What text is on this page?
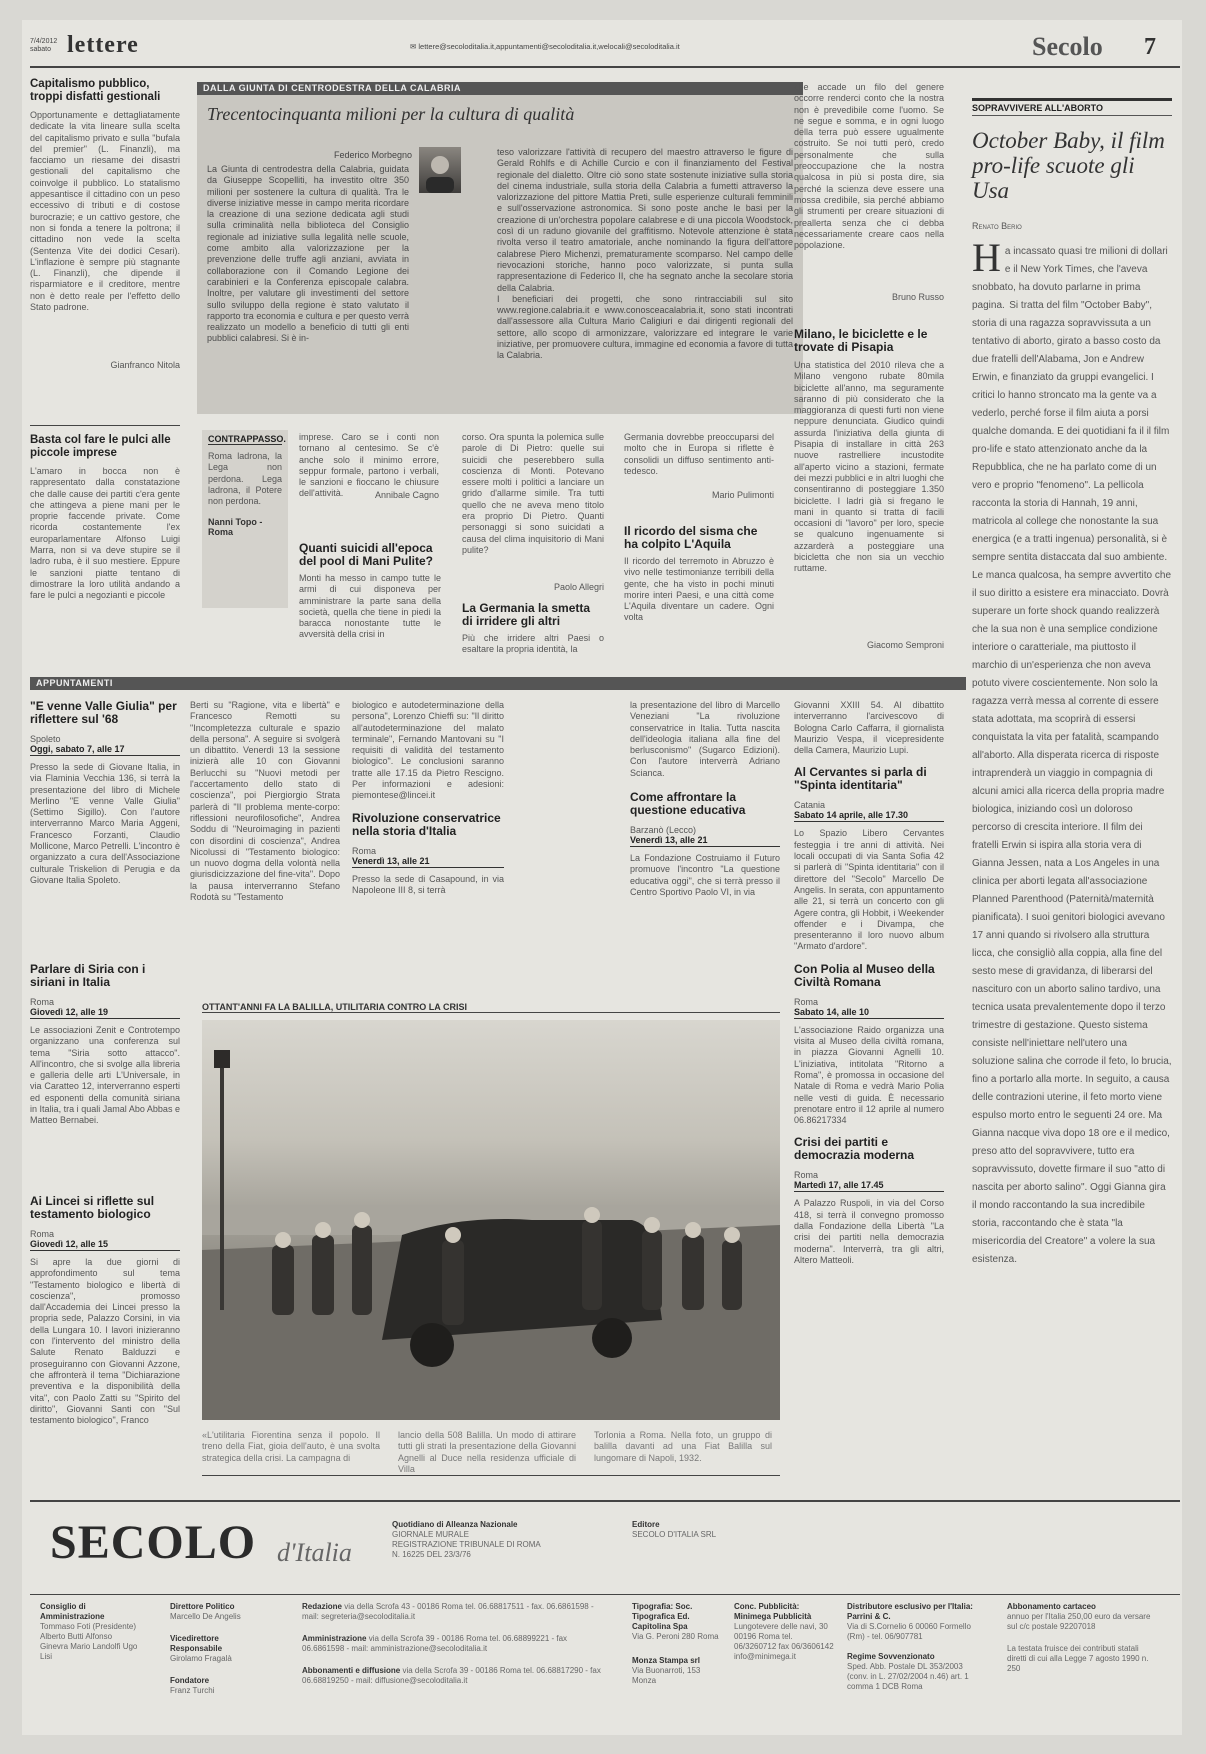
7/4/2012
sabato lettere	✉ lettere@secoloditalia.it,appuntamenti@secoloditalia.it,welocali@secoloditalia.it	Secolo 7
Capitalismo pubblico, troppi disfatti gestionali
Opportunamente e dettagliatamente dedicate la vita lineare sulla scelta del capitalismo privato e sulla "bufala del premier" (L. Finanzli), ma facciamo un riesame dei disastri gestionali del capitalismo che coinvolge il pubblico. Lo statalismo appesantisce il cittadino con un peso eccessivo di tributi e di costose burocrazie; e un cattivo gestore, che non si fonda a tenere la poltrona; il cittadino non vede la scelta (Sentenza Vite dei dodici Cesari). L'inflazione è sempre più stagnante (L. Finanzli), che dipende il risparmiatore e il creditore, mentre non è detto reale per l'effetto dello Stato padrone.
Gianfranco Nitola
Basta col fare le pulci alle piccole imprese
L'amaro in bocca non è rappresentato dalla constatazione che dalle cause dei partiti c'era gente che attingeva a piene mani per le proprie faccende private. Come ricorda costantemente l'ex europarlamentare Alfonso Luigi Marra, non si va deve stupire se il ladro ruba, è il suo mestiere. Eppure le sanzioni piatte tentano di dimostrare la loro utilità andando a fare le pulci a negozianti e piccole
DALLA GIUNTA DI CENTRODESTRA DELLA CALABRIA
Trecentocinquanta milioni per la cultura di qualità
Federico Morbegno
La Giunta di centrodestra della Calabria, guidata da Giuseppe Scopelliti, ha investito oltre 350 milioni per sostenere la cultura di qualità. Tra le diverse iniziative messe in campo merita ricordare la creazione di una sezione dedicata agli studi sulla criminalità nella biblioteca del Consiglio regionale ad iniziative sulla legalità nelle scuole, come ambito alla valorizzazione per la prevenzione delle truffe agli anziani, avviata in collaborazione con il Comando Legione dei carabinieri e la Conferenza episcopale calabra. Inoltre, per valutare gli investimenti del settore sullo sviluppo della regione è stato valutato il rapporto tra economia e cultura e per questo verrà realizzato un modello a beneficio di tutti gli enti pubblici calabresi. Si è in-
teso valorizzare l'attività di recupero del maestro attraverso le figure di Gerald Rohlfs e di Achille Curcio e con il finanziamento del Festival regionale del dialetto. Oltre ciò sono state sostenute iniziative sulla storia del cinema industriale, sulla storia della Calabria a fumetti attraverso la valorizzazione del pittore Mattia Preti, sulle esperienze culturali femminili e sull'osservazione astronomica. Si sono poste anche le basi per la creazione di un'orchestra popolare calabrese e di una piccola Woodstock, così di un raduno giovanile del graffitismo. Notevole attenzione è stata rivolta verso il teatro amatoriale, anche nominando la figura dell'attore calabrese Piero Michenzi, prematuramente scomparso. Nel campo delle rievocazioni storiche, hanno poco valorizzate, si punta sulla rappresentazione di Federico II, che ha segnato anche la secolare storia della Calabria.
I beneficiari dei progetti, che sono rintracciabili sul sito www.regione.calabria.it e www.conosceacalabria.it, sono stati incontrati dall'assessore alla Cultura Mario Caligiuri e dai dirigenti regionali del settore, allo scopo di armonizzare, valorizzare ed integrare le varie iniziative, per promuovere cultura, immagine ed economia a favore di tutta la Calabria.
CONTRAPPASSO.
Roma ladrona, la Lega non perdona. Lega ladrona, il Potere non perdona.
Nanni Topo - Roma
imprese. Caro se i conti non tornano al centesimo. Se c'è anche solo il minimo errore, seppur formale, partono i verbali, le sanzioni e fioccano le chiusure dell'attività.	Annibale Cagno
Quanti suicidi all'epoca del pool di Mani Pulite?
Monti ha messo in campo tutte le armi di cui disponeva per amministrare la parte sana della società, quella che tiene in piedi la baracca nonostante tutte le avversità della crisi in
corso. Ora spunta la polemica sulle parole di Di Pietro: quelle sui suicidi che peserebbero sulla coscienza di Monti. Potevano essere molti i politici a lanciare un grido d'allarme simile. Tra tutti quello che ne aveva meno titolo era proprio Di Pietro. Quanti personaggi si sono suicidati a causa del clima inquisitorio di Mani pulite?
Paolo Allegri
La Germania la smetta di irridere gli altri
Più che irridere altri Paesi o esaltare la propria identità, la
Germania dovrebbe preoccuparsi del molto che in Europa si riflette è consolidi un diffuso sentimento anti-tedesco.
Mario Pulimonti
Il ricordo del sisma che ha colpito L'Aquila
Il ricordo del terremoto in Abruzzo è vivo nelle testimonianze terribili della gente, che ha visto in pochi minuti morire interi Paesi, e una città come L'Aquila diventare un cadere. Ogni volta
che accade un filo del genere occorre renderci conto che la nostra non è prevedibile come l'uomo. Se ne segue e somma, e in ogni luogo della terra può essere ugualmente costruito. Se noi tutti però, credo personalmente che sulla preoccupazione che la nostra qualcosa in più si posta dire, sia perché la scienza deve essere una mossa credibile, sia perché abbiamo gli strumenti per creare situazioni di preallerta senza che ci debba necessariamente creare caos nella popolazione.
Bruno Russo
Milano, le biciclette e le trovate di Pisapia
Una statistica del 2010 rileva che a Milano vengono rubate 80mila biciclette all'anno, ma seguramente saranno di più considerato che la maggioranza di questi furti non viene neppure denunciata. Giudico quindi assurda l'iniziativa della giunta di Pisapia di installare in città 263 nuove rastrelliere incustodite all'aperto vicino a stazioni, fermate dei mezzi pubblici e in altri luoghi che consentiranno di posteggiare 1.350 biciclette. I ladri già si fregano le mani in quanto si tratta di facili occasioni di "lavoro" per loro, specie se qualcuno ingenuamente si azzarderà a posteggiare una bicicletta che non sia un vecchio ruttame.
Giacomo Semproni
SOPRAVVIVERE ALL'ABORTO
October Baby, il film pro-life scuote gli Usa
Renato Berio
H a incassato quasi tre milioni di dollari e il New York Times, che l'aveva snobbato, ha dovuto parlarne in prima pagina. Si tratta del film "October Baby", storia di una ragazza sopravvissuta a un tentativo di aborto, girato a basso costo da due fratelli dell'Alabama, Jon e Andrew Erwin, e finanziato da gruppi evangelici. I critici lo hanno stroncato ma la gente va a vederlo, perché forse il film aiuta a porsi qualche domanda. E dei quotidiani fa il il film pro-life e stato attenzionato anche da la Repubblica, che ne ha parlato come di un vero e proprio "fenomeno". La pellicola racconta la storia di Hannah, 19 anni, matricola al college che nonostante la sua energica (e a tratti ingenua) personalità, si è sempre sentita distaccata dal suo ambiente. Le manca qualcosa, ha sempre avvertito che il suo diritto a esistere era minacciato. Dovrà superare un forte shock quando realizzerà che la sua non è una semplice condizione interiore o caratteriale, ma piuttosto il marchio di un'esperienza che non aveva potuto vivere coscientemente. Non solo la ragazza verrà messa al corrente di essere stata adottata, ma scoprirà di essersi conquistata la vita per fatalità, scampando all'aborto. Alla disperata ricerca di risposte intraprenderà un viaggio in compagnia di alcuni amici alla ricerca della propria madre biologica, iniziando così un doloroso percorso di crescita interiore. Il film dei fratelli Erwin si ispira alla storia vera di Gianna Jessen, nata a Los Angeles in una clinica per aborti legata all'associazione Planned Parenthood (Paternità/maternità pianificata). I suoi genitori biologici avevano 17 anni quando si rivolsero alla struttura licca, che consigliò alla coppia, alla fine del sesto mese di gravidanza, di liberarsi del nascituro con un aborto salino tardivo, una tecnica usata prevalentemente dopo il terzo trimestre di gestazione. Questo sistema consiste nell'iniettare nell'utero una soluzione salina che corrode il feto, lo brucia, fino a portarlo alla morte. In seguito, a causa delle contrazioni uterine, il feto morto viene espulso morto entro le seguenti 24 ore. Ma Gianna nacque viva dopo 18 ore e il medico, preso atto del sopravvivere, tutto era sopravvissuto, dovette firmare il suo "atto di nascita per aborto salino". Oggi Gianna gira il mondo raccontando la sua incredibile storia, raccontando che è stata "la misericordia del Creatore" a volere la sua esistenza.
APPUNTAMENTI
"E venne Valle Giulia" per riflettere sul '68
Spoleto
Oggi, sabato 7, alle 17
Presso la sede di Giovane Italia, in via Flaminia Vecchia 136, si terrà la presentazione del libro di Michele Merlino "E venne Valle Giulia" (Settimo Sigillo). Con l'autore interverranno Marco Maria Aggeni, Francesco Forzanti, Claudio Mollicone, Marco Petrelli. L'incontro è organizzato a cura dell'Associazione culturale Triskelion di Perugia e da Giovane Italia Spoleto.
Parlare di Siria con i siriani in Italia
Roma
Giovedì 12, alle 19
Le associazioni Zenit e Controtempo organizzano una conferenza sul tema "Siria sotto attacco". All'incontro, che si svolge alla libreria e galleria delle arti L'Universale, in via Caratteo 12, interverranno esperti ed esponenti della comunità siriana in Italia, tra i quali Jamal Abo Abbas e Matteo Bernabei.
Ai Lincei si riflette sul testamento biologico
Roma
Giovedì 12, alle 15
Si apre la due giorni di approfondimento sul tema "Testamento biologico e libertà di coscienza", promosso dall'Accademia dei Lincei presso la propria sede, Palazzo Corsini, in via della Lungara 10. I lavori inizieranno con l'intervento del ministro della Salute Renato Balduzzi e proseguiranno con Giovanni Azzone, che affronterà il tema "Dichiarazione preventiva e la disponibilità della vita", con Paolo Zatti su "Spirito del diritto", Giovanni Santi con "Sul testamento biologico", Franco
Berti su "Ragione, vita e libertà" e Francesco Remotti su "Incompletezza culturale e spazio della persona". A seguire si svolgerà un dibattito. Venerdì 13 la sessione inizierà alle 10 con Giovanni Berlucchi su "Nuovi metodi per l'accertamento dello stato di coscienza", poi Piergiorgio Strata parlerà di "Il problema mente-corpo: riflessioni neurofilosofiche", Andrea Soddu di "Neuroimaging in pazienti con disordini di coscienza", Andrea Nicolussi di "Testamento biologico: un nuovo dogma della volontà nella giurisdicizzazione del fine-vita". Dopo la pausa interverranno Stefano Rodotà su "Testamento
biologico e autodeterminazione della persona", Lorenzo Chieffi su: "Il diritto all'autodeterminazione del malato terminale", Fernando Mantovani su "I requisiti di validità del testamento biologico". Le conclusioni saranno tratte alle 17.15 da Pietro Rescigno. Per informazioni e adesioni: piemontese@lincei.it
Rivoluzione conservatrice nella storia d'Italia
Roma
Venerdì 13, alle 21
Presso la sede di Casapound, in via Napoleone III 8, si terrà
la presentazione del libro di Marcello Veneziani "La rivoluzione conservatrice in Italia. Tutta nascita dell'ideologia italiana alla fine del berlusconismo" (Sugarco Edizioni). Con l'autore interverrà Adriano Scianca.
Come affrontare la questione educativa
Barzanò (Lecco)
Venerdì 13, alle 21
La Fondazione Costruiamo il Futuro promuove l'incontro "La questione educativa oggi", che si terrà presso il Centro Sportivo Paolo VI, in via
Giovanni XXIII 54. Al dibattito interverranno l'arcivescovo di Bologna Carlo Caffarra, il giornalista Maurizio Vespa, il vicepresidente della Camera, Maurizio Lupi.
Al Cervantes si parla di "Spinta identitaria"
Catania
Sabato 14 aprile, alle 17.30
Lo Spazio Libero Cervantes festeggia i tre anni di attività. Nei locali occupati di via Santa Sofia 42 si parlerà di "Spinta identitaria" con il direttore del "Secolo" Marcello De Angelis. In serata, con appuntamento alle 21, si terrà un concerto con gli Agere contra, gli Hobbit, i Weekender offender e i Divampa, che presenteranno il loro nuovo album "Armato d'ardore".
Con Polia al Museo della Civiltà Romana
Roma
Sabato 14, alle 10
L'associazione Raido organizza una visita al Museo della civiltà romana, in piazza Giovanni Agnelli 10. L'iniziativa, intitolata "Ritorno a Roma", è promossa in occasione del Natale di Roma e vedrà Mario Polia nelle vesti di guida. È necessario prenotare entro il 12 aprile al numero 06.86217334
Crisi dei partiti e democrazia moderna
Roma
Martedì 17, alle 17.45
A Palazzo Ruspoli, in via del Corso 418, si terrà il convegno promosso dalla Fondazione della Libertà "La crisi dei partiti nella democrazia moderna". Interverrà, tra gli altri, Altero Matteoli.
OTTANT'ANNI FA LA BALILLA, UTILITARIA CONTRO LA CRISI
«L'utilitaria Fiorentina senza il popolo. Il treno della Fiat, gioia dell'auto, è una svolta strategica della crisi. La campagna di
lancio della 508 Balilla. Un modo di attirare tutti gli strati la presentazione della Giovanni Agnelli al Duce nella residenza ufficiale di Villa
Torlonia a Roma. Nella foto, un gruppo di balilla davanti ad una Fiat Balilla sul lungomare di Napoli, 1932.
SECOLO d'Italia
Quotidiano di Alleanza Nazionale
GIORNALE MURALE
REGISTRAZIONE TRIBUNALE DI ROMA
N. 16225 DEL 23/3/76
Editore
SECOLO D'ITALIA SRL
Consiglio di Amministrazione
Tommaso Foti (Presidente) Alberto Butti Alfonso Ginevra Mario Landolfi Ugo Lisi
Direttore Politico
Marcello De Angelis
Vicedirettore Responsabile
Girolamo Fragalà
Fondatore
Franz Turchi
Redazione via della Scrofa 43 - 00186 Roma tel. 06.68817511 - fax. 06.6861598 - mail: segreteria@secoloditalia.it
Amministrazione via della Scrofa 39 - 00186 Roma tel. 06.68899221 - fax 06.6861598 - mail: amministrazione@secoloditalia.it
Abbonamenti e diffusione via della Scrofa 39 - 00186 Roma tel. 06.68817290 - fax 06.68819250 - mail: diffusione@secoloditalia.it
Tipografia: Soc. Tipografica Ed. Capitolina Spa
Via G. Peroni 280 Roma
Monza Stampa srl
Via Buonarroti, 153 Monza
Conc. Pubblicità: Minimega Pubblicità
Lungotevere delle navi, 30 00196 Roma tel. 06/3260712 fax 06/3606142 info@minimega.it
Distributore esclusivo per l'Italia: Parrini & C.
Via di S.Cornelio 6 00060 Formello (Rm) - tel. 06/907781
Regime Sovvenzionato
Sped. Abb. Postale DL 353/2003 (conv. in L. 27/02/2004 n.46) art. 1 comma 1 DCB Roma
Abbonamento cartaceo
annuo per l'Italia 250,00 euro da versare sul c/c postale 92207018
La testata fruisce dei contributi statali diretti di cui alla Legge 7 agosto 1990 n. 250
